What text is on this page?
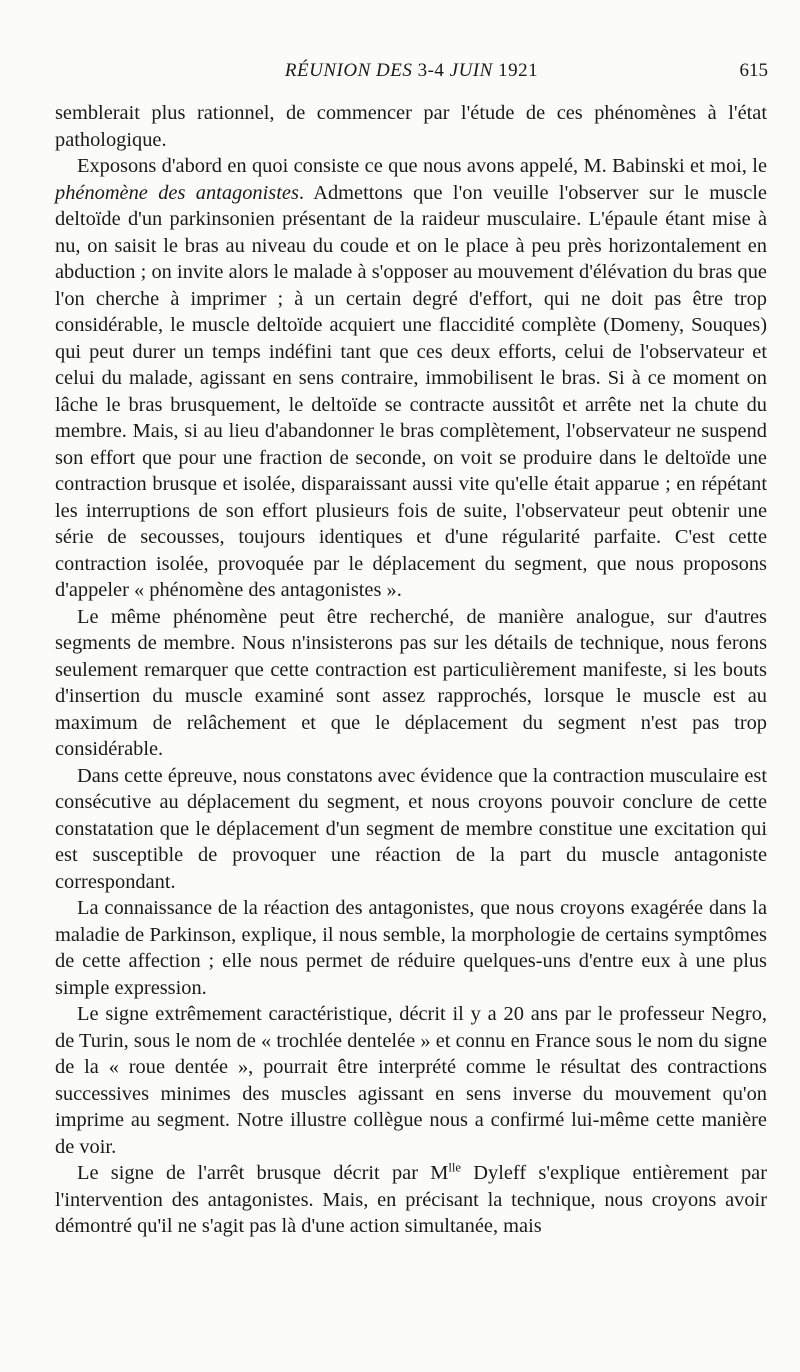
RÉUNION DES 3-4 JUIN 1921	615

semblerait plus rationnel, de commencer par l'étude de ces phénomènes à l'état pathologique.

Exposons d'abord en quoi consiste ce que nous avons appelé, M. Babinski et moi, le phénomène des antagonistes. Admettons que l'on veuille l'observer sur le muscle deltoïde d'un parkinsonien présentant de la raideur musculaire. L'épaule étant mise à nu, on saisit le bras au niveau du coude et on le place à peu près horizontalement en abduction ; on invite alors le malade à s'opposer au mouvement d'élévation du bras que l'on cherche à imprimer ; à un certain degré d'effort, qui ne doit pas être trop considérable, le muscle deltoïde acquiert une flaccidité complète (Domeny, Souques) qui peut durer un temps indéfini tant que ces deux efforts, celui de l'observateur et celui du malade, agissant en sens contraire, immobilisent le bras. Si à ce moment on lâche le bras brusquement, le deltoïde se contracte aussitôt et arrête net la chute du membre. Mais, si au lieu d'abandonner le bras complètement, l'observateur ne suspend son effort que pour une fraction de seconde, on voit se produire dans le deltoïde une contraction brusque et isolée, disparaissant aussi vite qu'elle était apparue ; en répétant les interruptions de son effort plusieurs fois de suite, l'observateur peut obtenir une série de secousses, toujours identiques et d'une régularité parfaite. C'est cette contraction isolée, provoquée par le déplacement du segment, que nous proposons d'appeler « phénomène des antagonistes ».

Le même phénomène peut être recherché, de manière analogue, sur d'autres segments de membre. Nous n'insisterons pas sur les détails de technique, nous ferons seulement remarquer que cette contraction est particulièrement manifeste, si les bouts d'insertion du muscle examiné sont assez rapprochés, lorsque le muscle est au maximum de relâchement et que le déplacement du segment n'est pas trop considérable.

Dans cette épreuve, nous constatons avec évidence que la contraction musculaire est consécutive au déplacement du segment, et nous croyons pouvoir conclure de cette constatation que le déplacement d'un segment de membre constitue une excitation qui est susceptible de provoquer une réaction de la part du muscle antagoniste correspondant.

La connaissance de la réaction des antagonistes, que nous croyons exagérée dans la maladie de Parkinson, explique, il nous semble, la morphologie de certains symptômes de cette affection ; elle nous permet de réduire quelques-uns d'entre eux à une plus simple expression.

Le signe extrêmement caractéristique, décrit il y a 20 ans par le professeur Negro, de Turin, sous le nom de « trochlée dentelée » et connu en France sous le nom du signe de la « roue dentée », pourrait être interprété comme le résultat des contractions successives minimes des muscles agissant en sens inverse du mouvement qu'on imprime au segment. Notre illustre collègue nous a confirmé lui-même cette manière de voir.

Le signe de l'arrêt brusque décrit par $M^{lle}$ Dyleff s'explique entièrement par l'intervention des antagonistes. Mais, en précisant la technique, nous croyons avoir démontré qu'il ne s'agit pas là d'une action simultanée, mais
